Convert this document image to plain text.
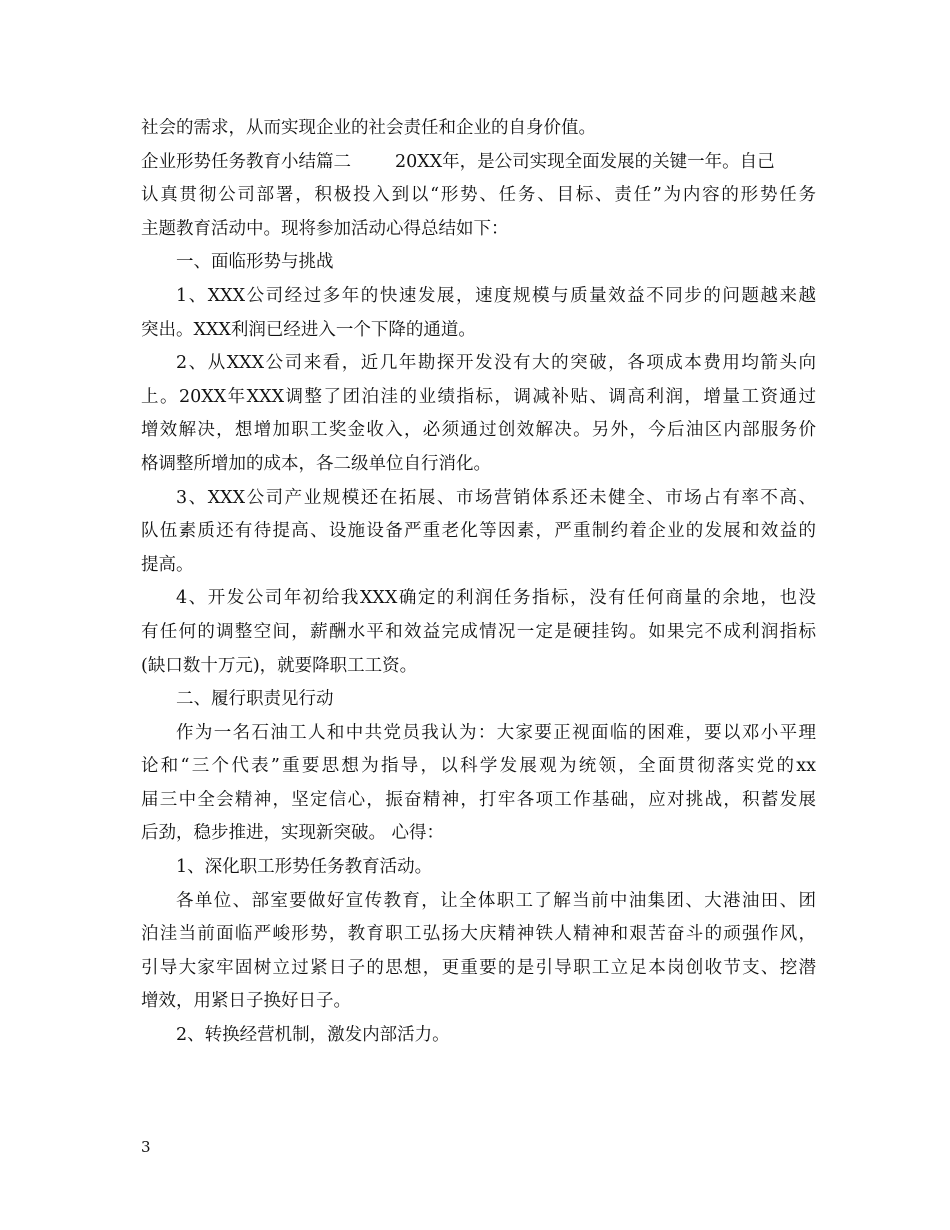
社会的需求，从而实现企业的社会责任和企业的自身价值。
企业形势任务教育小结篇二	20XX年，是公司实现全面发展的关键一年。自己
认真贯彻公司部署，积极投入到以“形势、任务、目标、责任”为内容的形势任务
主题教育活动中。现将参加活动心得总结如下：
一、面临形势与挑战
1、XXX公司经过多年的快速发展，速度规模与质量效益不同步的问题越来越
突出。XXX利润已经进入一个下降的通道。
2、从XXX公司来看，近几年勘探开发没有大的突破，各项成本费用均箭头向
上。20XX年XXX调整了团泊洼的业绩指标，调减补贴、调高利润，增量工资通过
增效解决，想增加职工奖金收入，必须通过创效解决。另外，今后油区内部服务价
格调整所增加的成本，各二级单位自行消化。
3、XXX公司产业规模还在拓展、市场营销体系还未健全、市场占有率不高、
队伍素质还有待提高、设施设备严重老化等因素，严重制约着企业的发展和效益的
提高。
4、开发公司年初给我XXX确定的利润任务指标，没有任何商量的余地，也没
有任何的调整空间，薪酬水平和效益完成情况一定是硬挂钩。如果完不成利润指标
(缺口数十万元)，就要降职工工资。
二、履行职责见行动
作为一名石油工人和中共党员我认为：大家要正视面临的困难，要以邓小平理
论和“三个代表”重要思想为指导，以科学发展观为统领，全面贯彻落实党的xx
届三中全会精神，坚定信心，振奋精神，打牢各项工作基础，应对挑战，积蓄发展
后劲，稳步推进，实现新突破。 心得：
1、深化职工形势任务教育活动。
各单位、部室要做好宣传教育，让全体职工了解当前中油集团、大港油田、团
泊洼当前面临严峻形势，教育职工弘扬大庆精神铁人精神和艰苦奋斗的顽强作风，
引导大家牢固树立过紧日子的思想，更重要的是引导职工立足本岗创收节支、挖潜
增效，用紧日子换好日子。
2、转换经营机制，激发内部活力。
3
